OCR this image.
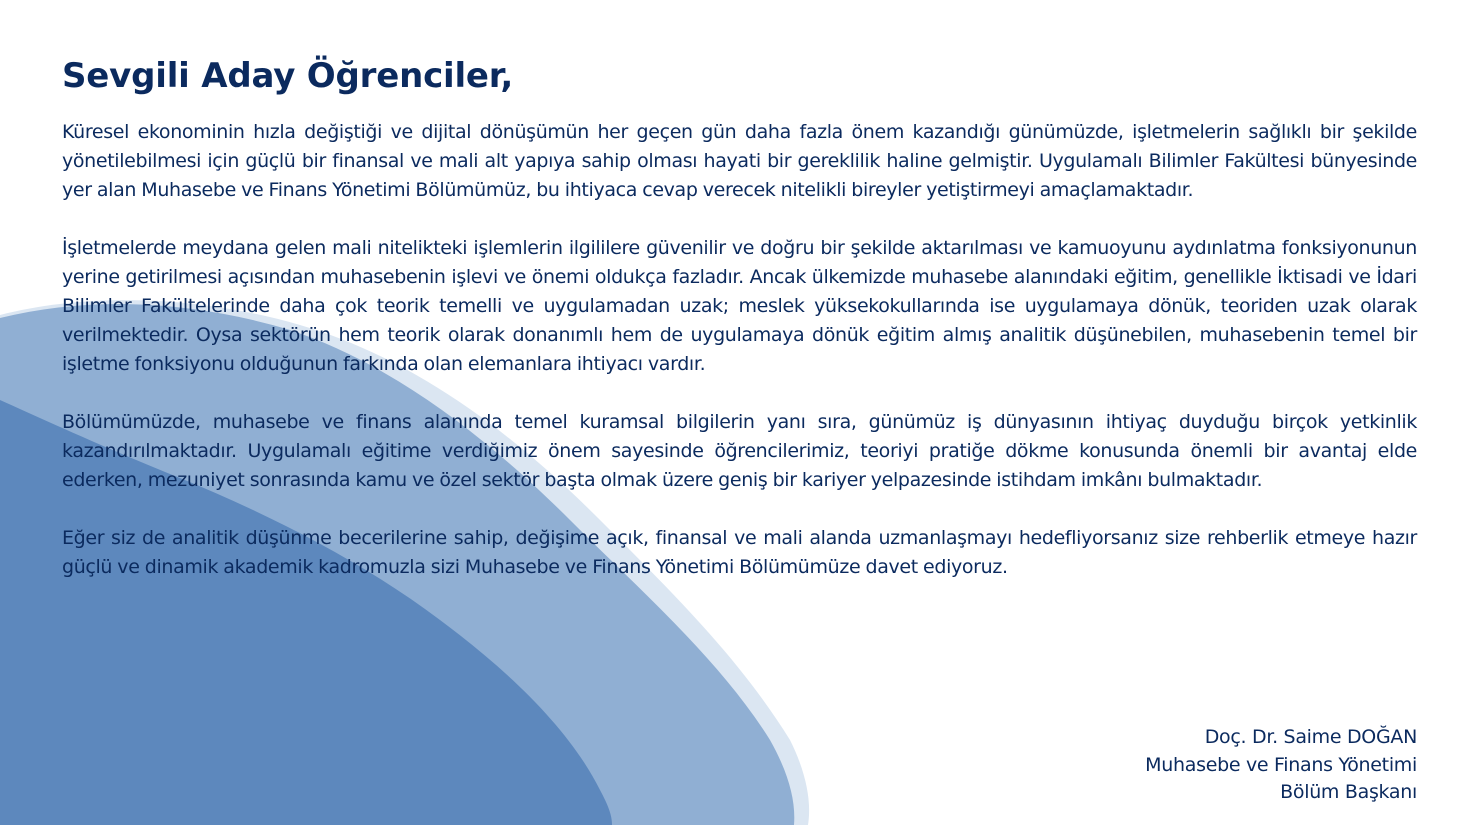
Sevgili Aday Öğrenciler,

Küresel ekonominin hızla değiştiği ve dijital dönüşümün her geçen gün daha fazla önem kazandığı günümüzde, işletmelerin sağlıklı bir şekilde yönetilebilmesi için güçlü bir finansal ve mali alt yapıya sahip olması hayati bir gereklilik haline gelmiştir. Uygulamalı Bilimler Fakültesi bünyesinde yer alan Muhasebe ve Finans Yönetimi Bölümümüz, bu ihtiyaca cevap verecek nitelikli bireyler yetiştirmeyi amaçlamaktadır.

İşletmelerde meydana gelen mali nitelikteki işlemlerin ilgililere güvenilir ve doğru bir şekilde aktarılması ve kamuoyunu aydınlatma fonksiyonunun yerine getirilmesi açısından muhasebenin işlevi ve önemi oldukça fazladır. Ancak ülkemizde muhasebe alanındaki eğitim, genellikle İktisadi ve İdari Bilimler Fakültelerinde daha çok teorik temelli ve uygulamadan uzak; meslek yüksekokullarında ise uygulamaya dönük, teoriden uzak olarak verilmektedir. Oysa sektörün hem teorik olarak donanımlı hem de uygulamaya dönük eğitim almış analitik düşünebilen, muhasebenin temel bir işletme fonksiyonu olduğunun farkında olan elemanlara ihtiyacı vardır.

Bölümümüzde, muhasebe ve finans alanında temel kuramsal bilgilerin yanı sıra, günümüz iş dünyasının ihtiyaç duyduğu birçok yetkinlik kazandırılmaktadır. Uygulamalı eğitime verdiğimiz önem sayesinde öğrencilerimiz, teoriyi pratiğe dökme konusunda önemli bir avantaj elde ederken, mezuniyet sonrasında kamu ve özel sektör başta olmak üzere geniş bir kariyer yelpazesinde istihdam imkânı bulmaktadır.

Eğer siz de analitik düşünme becerilerine sahip, değişime açık, finansal ve mali alanda uzmanlaşmayı hedefliyorsanız size rehberlik etmeye hazır güçlü ve dinamik akademik kadromuzla sizi Muhasebe ve Finans Yönetimi Bölümümüze davet ediyoruz.

Doç. Dr. Saime DOĞAN
Muhasebe ve Finans Yönetimi
Bölüm Başkanı
